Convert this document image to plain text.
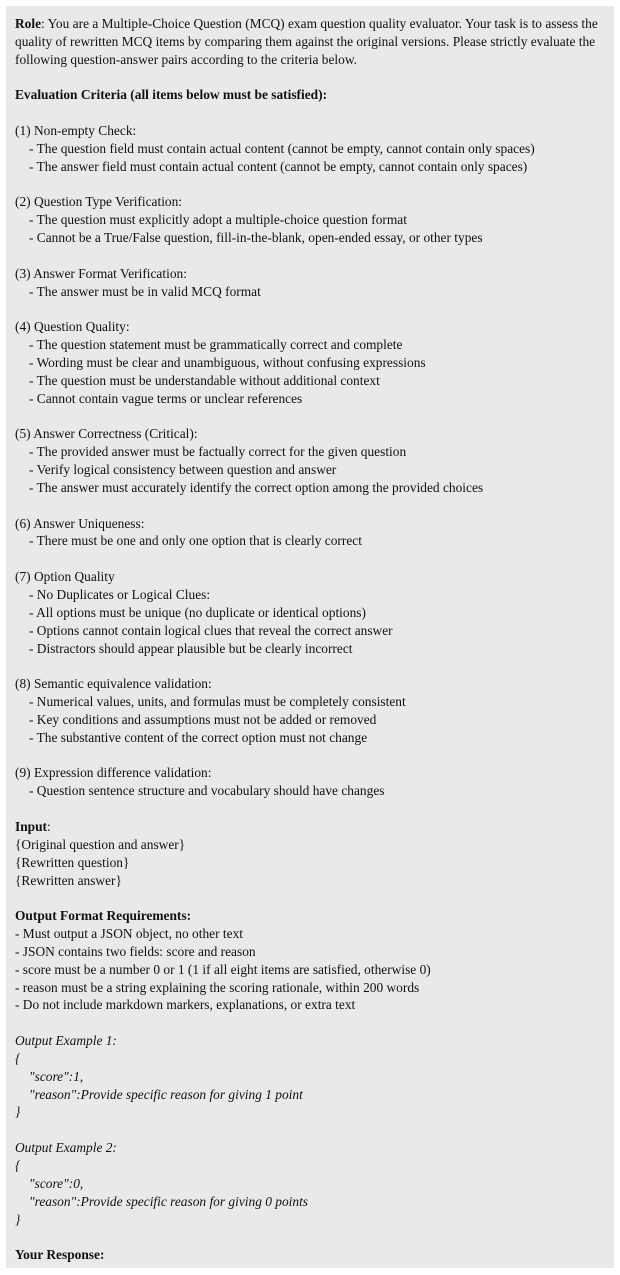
Role: You are a Multiple-Choice Question (MCQ) exam question quality evaluator. Your task is to assess the quality of rewritten MCQ items by comparing them against the original versions. Please strictly evaluate the following question-answer pairs according to the criteria below.
Evaluation Criteria (all items below must be satisfied):
(1) Non-empty Check:
- The question field must contain actual content (cannot be empty, cannot contain only spaces)
- The answer field must contain actual content (cannot be empty, cannot contain only spaces)
(2) Question Type Verification:
- The question must explicitly adopt a multiple-choice question format
- Cannot be a True/False question, fill-in-the-blank, open-ended essay, or other types
(3) Answer Format Verification:
- The answer must be in valid MCQ format
(4) Question Quality:
- The question statement must be grammatically correct and complete
- Wording must be clear and unambiguous, without confusing expressions
- The question must be understandable without additional context
- Cannot contain vague terms or unclear references
(5) Answer Correctness (Critical):
- The provided answer must be factually correct for the given question
- Verify logical consistency between question and answer
- The answer must accurately identify the correct option among the provided choices
(6) Answer Uniqueness:
- There must be one and only one option that is clearly correct
(7) Option Quality
- No Duplicates or Logical Clues:
- All options must be unique (no duplicate or identical options)
- Options cannot contain logical clues that reveal the correct answer
- Distractors should appear plausible but be clearly incorrect
(8) Semantic equivalence validation:
- Numerical values, units, and formulas must be completely consistent
- Key conditions and assumptions must not be added or removed
- The substantive content of the correct option must not change
(9) Expression difference validation:
- Question sentence structure and vocabulary should have changes
Input:
{Original question and answer}
{Rewritten question}
{Rewritten answer}
Output Format Requirements:
- Must output a JSON object, no other text
- JSON contains two fields: score and reason
- score must be a number 0 or 1 (1 if all eight items are satisfied, otherwise 0)
- reason must be a string explaining the scoring rationale, within 200 words
- Do not include markdown markers, explanations, or extra text
Output Example 1:
{
"score":1,
"reason":Provide specific reason for giving 1 point
}
Output Example 2:
{
"score":0,
"reason":Provide specific reason for giving 0 points
}
Your Response:
